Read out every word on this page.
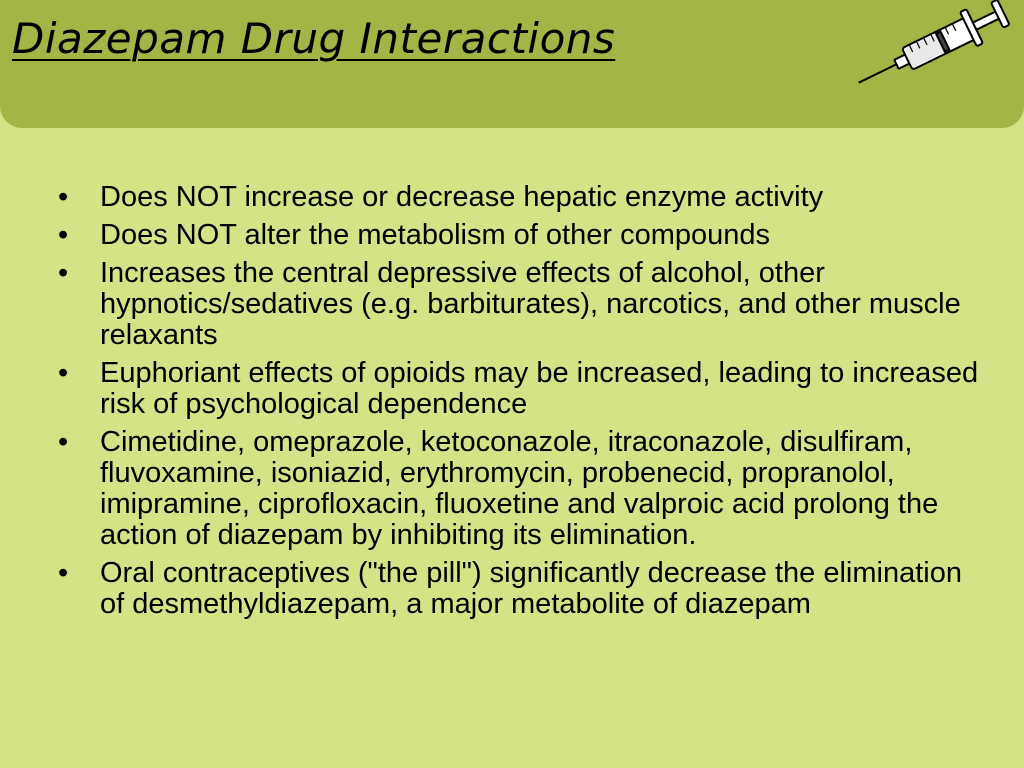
Diazepam Drug Interactions
• Does NOT increase or decrease hepatic enzyme activity
• Does NOT alter the metabolism of other compounds
• Increases the central depressive effects of alcohol, other hypnotics/sedatives (e.g. barbiturates), narcotics, and other muscle relaxants
• Euphoriant effects of opioids may be increased, leading to increased risk of psychological dependence
• Cimetidine, omeprazole, ketoconazole, itraconazole, disulfiram, fluvoxamine, isoniazid, erythromycin, probenecid, propranolol, imipramine, ciprofloxacin, fluoxetine and valproic acid prolong the action of diazepam by inhibiting its elimination.
• Oral contraceptives ("the pill") significantly decrease the elimination of desmethyldiazepam, a major metabolite of diazepam
